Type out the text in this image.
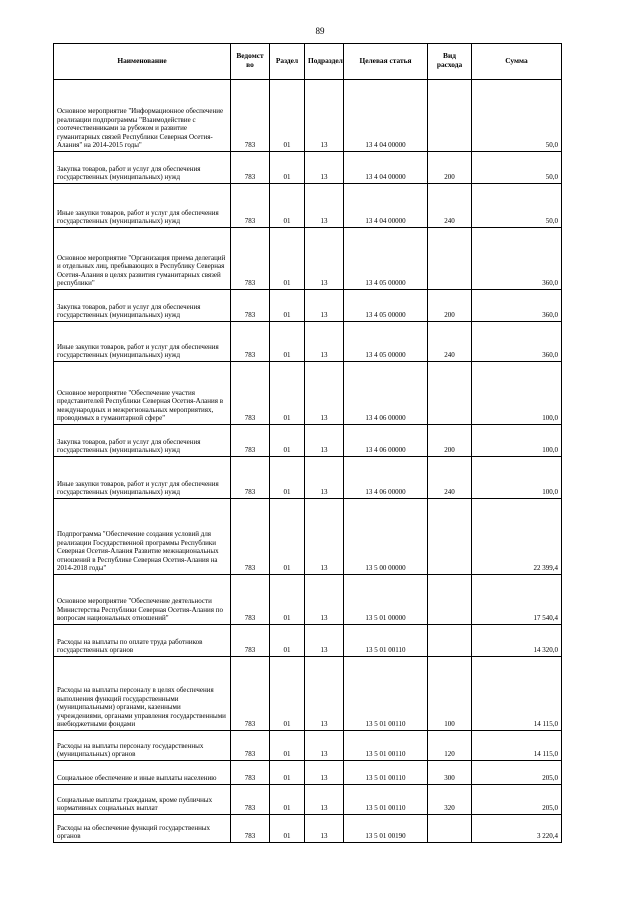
89
Наименование	Ведомст во	Раздел	Подраздел	Целевая статья	Вид расхода	Сумма
Основное мероприятие "Информационное обеспечение реализации подпрограммы "Взаимодействие с соотечественниками за рубежом и развитие гуманитарных связей Республики Северная Осетия-Алания" на 2014-2015 годы"	783	01	13	13 4 04 00000		50,0
Закупка товаров, работ и услуг для обеспечения государственных (муниципальных) нужд	783	01	13	13 4 04 00000	200	50,0
Иные закупки товаров, работ и услуг для обеспечения государственных (муниципальных) нужд	783	01	13	13 4 04 00000	240	50,0
Основное мероприятие "Организация приема делегаций и отдельных лиц, пребывающих в Республику Северная Осетия-Алания в целях развития гуманитарных связей республики"	783	01	13	13 4 05 00000		360,0
Закупка товаров, работ и услуг для обеспечения государственных (муниципальных) нужд	783	01	13	13 4 05 00000	200	360,0
Иные закупки товаров, работ и услуг для обеспечения государственных (муниципальных) нужд	783	01	13	13 4 05 00000	240	360,0
Основное мероприятие "Обеспечение участия представителей Республики Северная Осетия-Алания в международных и межрегиональных мероприятиях, проводимых в гуманитарной сфере"	783	01	13	13 4 06 00000		100,0
Закупка товаров, работ и услуг для обеспечения государственных (муниципальных) нужд	783	01	13	13 4 06 00000	200	100,0
Иные закупки товаров, работ и услуг для обеспечения государственных (муниципальных) нужд	783	01	13	13 4 06 00000	240	100,0
Подпрограмма "Обеспечение создания условий для реализации Государственной программы Республики Северная Осетия-Алания Развитие межнациональных отношений в Республике Северная Осетия-Алания на 2014-2018 годы"	783	01	13	13 5 00 00000		22 399,4
Основное мероприятие "Обеспечение деятельности Министерства Республики Северная Осетия-Алания по вопросам национальных отношений"	783	01	13	13 5 01 00000		17 540,4
Расходы на выплаты по оплате труда работников государственных органов	783	01	13	13 5 01 00110		14 320,0
Расходы на выплаты персоналу в целях обеспечения выполнения функций государственными (муниципальными) органами, казенными учреждениями, органами управления государственными внебюджетными фондами	783	01	13	13 5 01 00110	100	14 115,0
Расходы на выплаты персоналу государственных (муниципальных) органов	783	01	13	13 5 01 00110	120	14 115,0
Социальное обеспечение и иные выплаты населению	783	01	13	13 5 01 00110	300	205,0
Социальные выплаты гражданам, кроме публичных нормативных социальных выплат	783	01	13	13 5 01 00110	320	205,0
Расходы на обеспечение функций государственных органов	783	01	13	13 5 01 00190		3 220,4
